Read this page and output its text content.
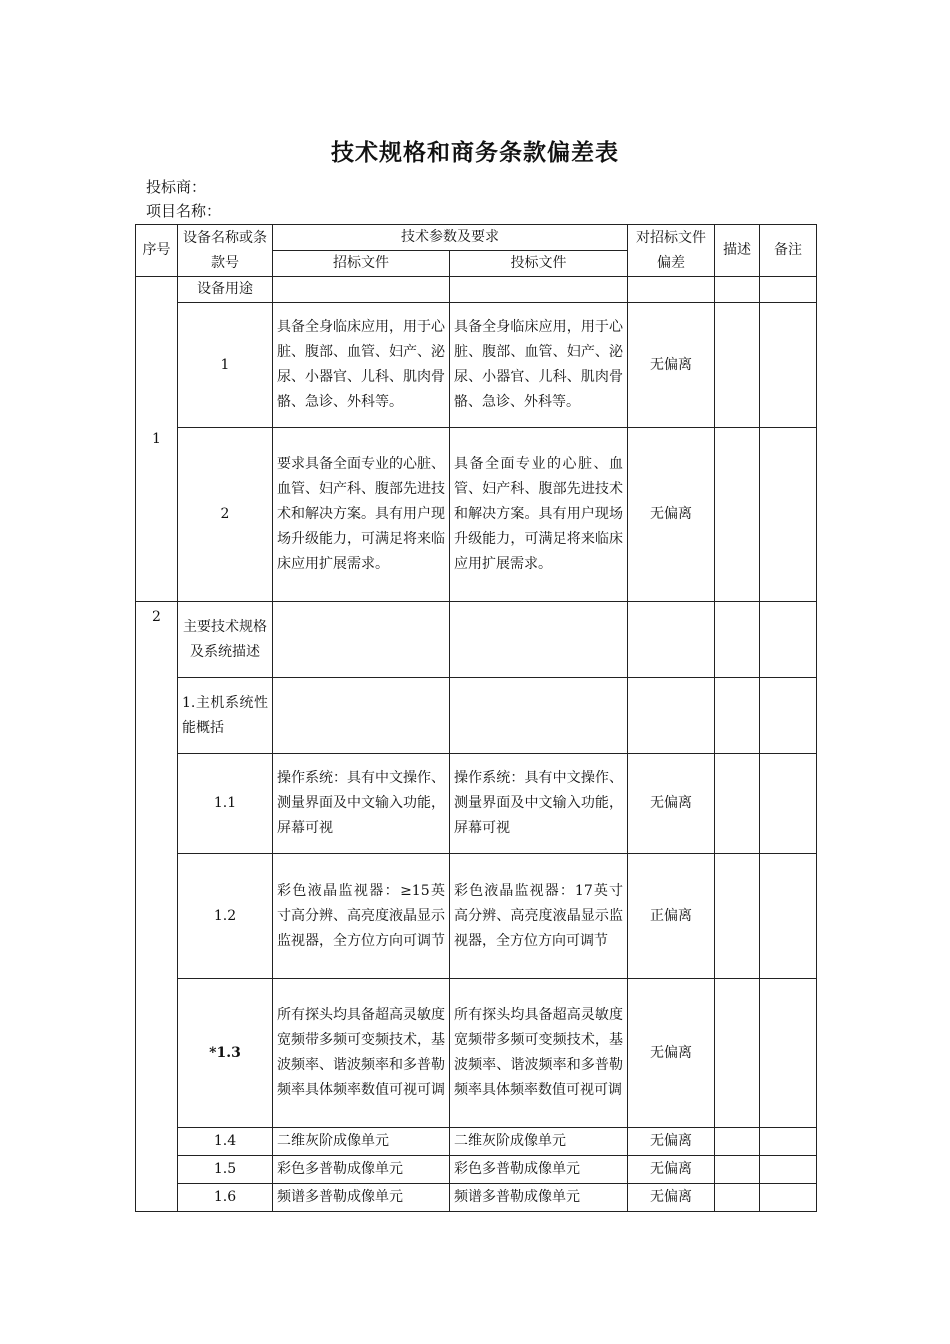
技术规格和商务条款偏差表
投标商：
项目名称：
序号	设备名称或条款号	技术参数及要求		对招标文件偏差	描述	备注
		招标文件	投标文件			
1	设备用途					
	1	具备全身临床应用，用于心脏、腹部、血管、妇产、泌尿、小器官、儿科、肌肉骨骼、急诊、外科等。	具备全身临床应用，用于心脏、腹部、血管、妇产、泌尿、小器官、儿科、肌肉骨骼、急诊、外科等。	无偏离		
	2	要求具备全面专业的心脏、血管、妇产科、腹部先进技术和解决方案。具有用户现场升级能力，可满足将来临床应用扩展需求。	具备全面专业的心脏、血管、妇产科、腹部先进技术和解决方案。具有用户现场升级能力，可满足将来临床应用扩展需求。	无偏离		
2	主要技术规格及系统描述					
	1.主机系统性能概括					
	1.1	操作系统：具有中文操作、测量界面及中文输入功能，屏幕可视	操作系统：具有中文操作、测量界面及中文输入功能，屏幕可视	无偏离		
	1.2	彩色液晶监视器：≥15英寸高分辨、高亮度液晶显示监视器，全方位方向可调节	彩色液晶监视器：17英寸高分辨、高亮度液晶显示监视器，全方位方向可调节	正偏离		
	*1.3	所有探头均具备超高灵敏度宽频带多频可变频技术，基波频率、谐波频率和多普勒频率具体频率数值可视可调	所有探头均具备超高灵敏度宽频带多频可变频技术，基波频率、谐波频率和多普勒频率具体频率数值可视可调	无偏离		
	1.4	二维灰阶成像单元	二维灰阶成像单元	无偏离		
	1.5	彩色多普勒成像单元	彩色多普勒成像单元	无偏离		
	1.6	频谱多普勒成像单元	频谱多普勒成像单元	无偏离		
